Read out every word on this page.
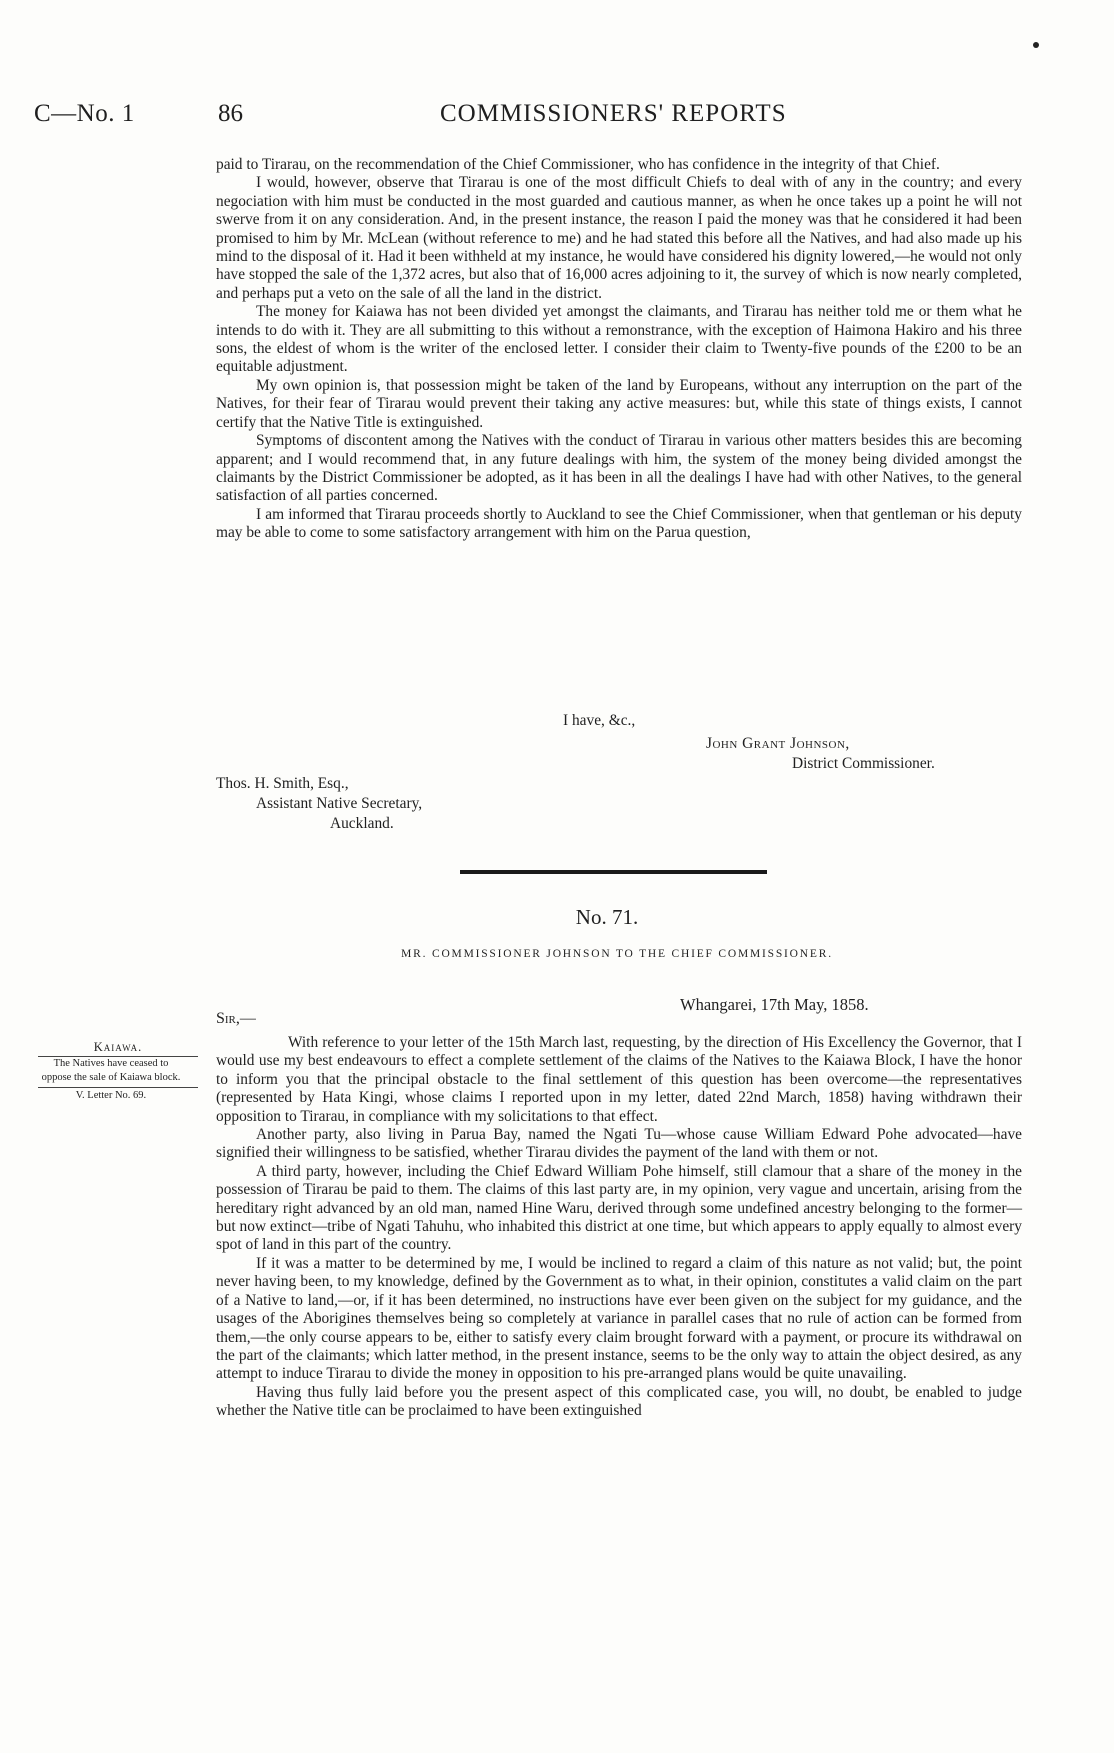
C—No. 1	86	COMMISSIONERS' REPORTS

paid to Tirarau, on the recommendation of the Chief Commissioner, who has confidence in the integrity of that Chief.

I would, however, observe that Tirarau is one of the most difficult Chiefs to deal with of any in the country; and every negociation with him must be conducted in the most guarded and cautious manner, as when he once takes up a point he will not swerve from it on any consideration. And, in the present instance, the reason I paid the money was that he considered it had been promised to him by Mr. McLean (without reference to me) and he had stated this before all the Natives, and had also made up his mind to the disposal of it. Had it been withheld at my instance, he would have considered his dignity lowered,—he would not only have stopped the sale of the 1,372 acres, but also that of 16,000 acres adjoining to it, the survey of which is now nearly completed, and perhaps put a veto on the sale of all the land in the district.

The money for Kaiawa has not been divided yet amongst the claimants, and Tirarau has neither told me or them what he intends to do with it. They are all submitting to this without a remonstrance, with the exception of Haimona Hakiro and his three sons, the eldest of whom is the writer of the enclosed letter. I consider their claim to Twenty-five pounds of the £200 to be an equitable adjustment.

My own opinion is, that possession might be taken of the land by Europeans, without any interruption on the part of the Natives, for their fear of Tirarau would prevent their taking any active measures: but, while this state of things exists, I cannot certify that the Native Title is extinguished.

Symptoms of discontent among the Natives with the conduct of Tirarau in various other matters besides this are becoming apparent; and I would recommend that, in any future dealings with him, the system of the money being divided amongst the claimants by the District Commissioner be adopted, as it has been in all the dealings I have had with other Natives, to the general satisfaction of all parties concerned.

I am informed that Tirarau proceeds shortly to Auckland to see the Chief Commissioner, when that gentleman or his deputy may be able to come to some satisfactory arrangement with him on the Parua question,

I have, &c.,
John Grant Johnson,
District Commissioner.
Thos. H. Smith, Esq.,
Assistant Native Secretary,
Auckland.
No. 71.
MR. COMMISSIONER JOHNSON TO THE CHIEF COMMISSIONER.
Whangarei, 17th May, 1858.
Sir,—
Kaiawa.
The Natives have ceased to oppose the sale of Kaiawa block.
V. Letter No. 69.

With reference to your letter of the 15th March last, requesting, by the direction of His Excellency the Governor, that I would use my best endeavours to effect a complete settlement of the claims of the Natives to the Kaiawa Block, I have the honor to inform you that the principal obstacle to the final settlement of this question has been overcome—the representatives (represented by Hata Kingi, whose claims I reported upon in my letter, dated 22nd March, 1858) having withdrawn their opposition to Tirarau, in compliance with my solicitations to that effect.

Another party, also living in Parua Bay, named the Ngati Tu—whose cause William Edward Pohe advocated—have signified their willingness to be satisfied, whether Tirarau divides the payment of the land with them or not.

A third party, however, including the Chief Edward William Pohe himself, still clamour that a share of the money in the possession of Tirarau be paid to them. The claims of this last party are, in my opinion, very vague and uncertain, arising from the hereditary right advanced by an old man, named Hine Waru, derived through some undefined ancestry belonging to the former—but now extinct—tribe of Ngati Tahuhu, who inhabited this district at one time, but which appears to apply equally to almost every spot of land in this part of the country.

If it was a matter to be determined by me, I would be inclined to regard a claim of this nature as not valid; but, the point never having been, to my knowledge, defined by the Government as to what, in their opinion, constitutes a valid claim on the part of a Native to land,—or, if it has been determined, no instructions have ever been given on the subject for my guidance, and the usages of the Aborigines themselves being so completely at variance in parallel cases that no rule of action can be formed from them,—the only course appears to be, either to satisfy every claim brought forward with a payment, or procure its withdrawal on the part of the claimants; which latter method, in the present instance, seems to be the only way to attain the object desired, as any attempt to induce Tirarau to divide the money in opposition to his pre-arranged plans would be quite unavailing.

Having thus fully laid before you the present aspect of this complicated case, you will, no doubt, be enabled to judge whether the Native title can be proclaimed to have been extinguished
